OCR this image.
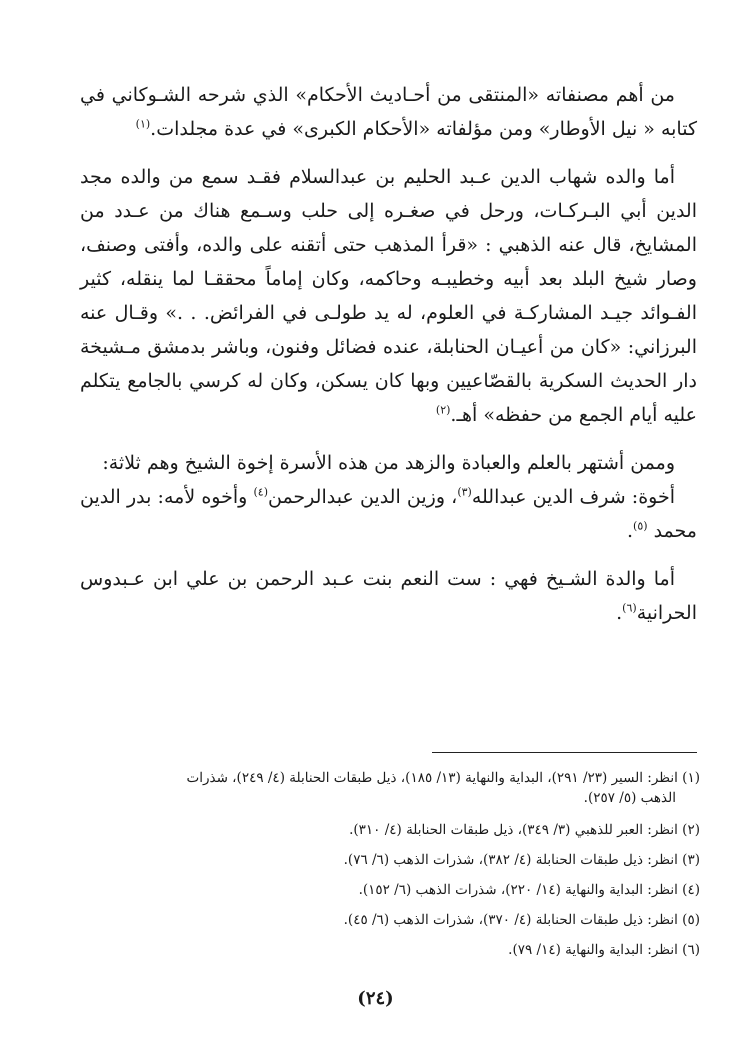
من أهم مصنفاته «المنتقى من أحـاديث الأحكام» الذي شرحه الشـوكاني في كتابه « نيل الأوطار» ومن مؤلفاته «الأحكام الكبرى» في عدة مجلدات.$^{(١)}$

أما والده شهاب الدين عـبد الحليم بن عبدالسلام فقـد سمع من والده مجد الدين أبي البـركـات، ورحل في صغـره إلى حلب وسـمع هناك من عـدد من المشايخ، قال عنه الذهبي : «قرأ المذهب حتى أتقنه على والده، وأفتى وصنف، وصار شيخ البلد بعد أبيه وخطيبـه وحاكمه، وكان إماماً محققـا لما ينقله، كثير الفـوائد جيـد المشاركـة في العلوم، له يد طولـى في الفرائض. . .» وقـال عنه البرزاني: «كان من أعيـان الحنابلة، عنده فضائل وفنون، وباشر بدمشق مـشيخة دار الحديث السكرية بالقصّاعيين وبها كان يسكن، وكان له كرسي بالجامع يتكلم عليه أيام الجمع من حفظه» أهـ.$^{(٢)}$

وممن أشتهر بالعلم والعبادة والزهد من هذه الأسرة إخوة الشيخ وهم ثلاثة:

أخوة: شرف الدين عبدالله$^{(٣)}$، وزين الدين عبدالرحمن$^{(٤)}$ وأخوه لأمه: بدر الدين محمد $^{(٥)}$.

أما والدة الشـيخ فهي : ست النعم بنت عـبد الرحمن بن علي ابن عـبدوس الحرانية$^{(٦)}$.

(١) انظر: السير (٢٣/ ٢٩١)، البداية والنهاية (١٣/ ١٨٥)، ذيل طبقات الحنابلة (٤/ ٢٤٩)، شذرات
الذهب (٥/ ٢٥٧).

(٢) انظر: العبر للذهبي (٣/ ٣٤٩)، ذيل طبقات الحنابلة (٤/ ٣١٠).

(٣) انظر: ذيل طبقات الحنابلة (٤/ ٣٨٢)، شذرات الذهب (٦/ ٧٦).

(٤) انظر: البداية والنهاية (١٤/ ٢٢٠)، شذرات الذهب (٦/ ١٥٢).

(٥) انظر: ذيل طبقات الحنابلة (٤/ ٣٧٠)، شذرات الذهب (٦/ ٤٥).

(٦) انظر: البداية والنهاية (١٤/ ٧٩).

(٢٤)
